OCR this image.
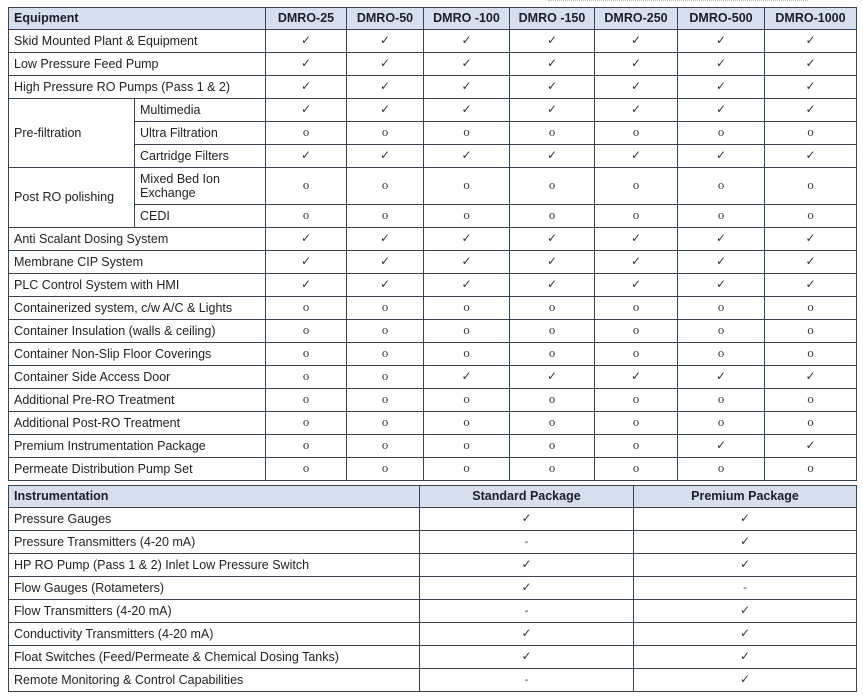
Equipment		DMRO-25	DMRO-50	DMRO -100	DMRO -150	DMRO-250	DMRO-500	DMRO-1000
Skid Mounted Plant & Equipment		✓	✓	✓	✓	✓	✓	✓
Low Pressure Feed Pump		✓	✓	✓	✓	✓	✓	✓
High Pressure RO Pumps (Pass 1 & 2)		✓	✓	✓	✓	✓	✓	✓
Pre-filtration	Multimedia	✓	✓	✓	✓	✓	✓	✓
	Ultra Filtration	o	o	o	o	o	o	o
	Cartridge Filters	✓	✓	✓	✓	✓	✓	✓
Post RO polishing	Mixed Bed Ion Exchange	o	o	o	o	o	o	o
	CEDI	o	o	o	o	o	o	o
Anti Scalant Dosing System		✓	✓	✓	✓	✓	✓	✓
Membrane CIP System		✓	✓	✓	✓	✓	✓	✓
PLC Control System with HMI		✓	✓	✓	✓	✓	✓	✓
Containerized system, c/w A/C & Lights		o	o	o	o	o	o	o
Container Insulation (walls & ceiling)		o	o	o	o	o	o	o
Container Non-Slip Floor Coverings		o	o	o	o	o	o	o
Container Side Access Door		o	o	✓	✓	✓	✓	✓
Additional Pre-RO Treatment		o	o	o	o	o	o	o
Additional Post-RO Treatment		o	o	o	o	o	o	o
Premium Instrumentation Package		o	o	o	o	o	✓	✓
Permeate Distribution Pump Set		o	o	o	o	o	o	o
Instrumentation	Standard Package	Premium Package
Pressure Gauges	✓	✓
Pressure Transmitters (4-20 mA)	-	✓
HP RO Pump (Pass 1 & 2) Inlet Low Pressure Switch	✓	✓
Flow Gauges (Rotameters)	✓	-
Flow Transmitters (4-20 mA)	-	✓
Conductivity Transmitters (4-20 mA)	✓	✓
Float Switches (Feed/Permeate & Chemical Dosing Tanks)	✓	✓
Remote Monitoring & Control Capabilities	-	✓
